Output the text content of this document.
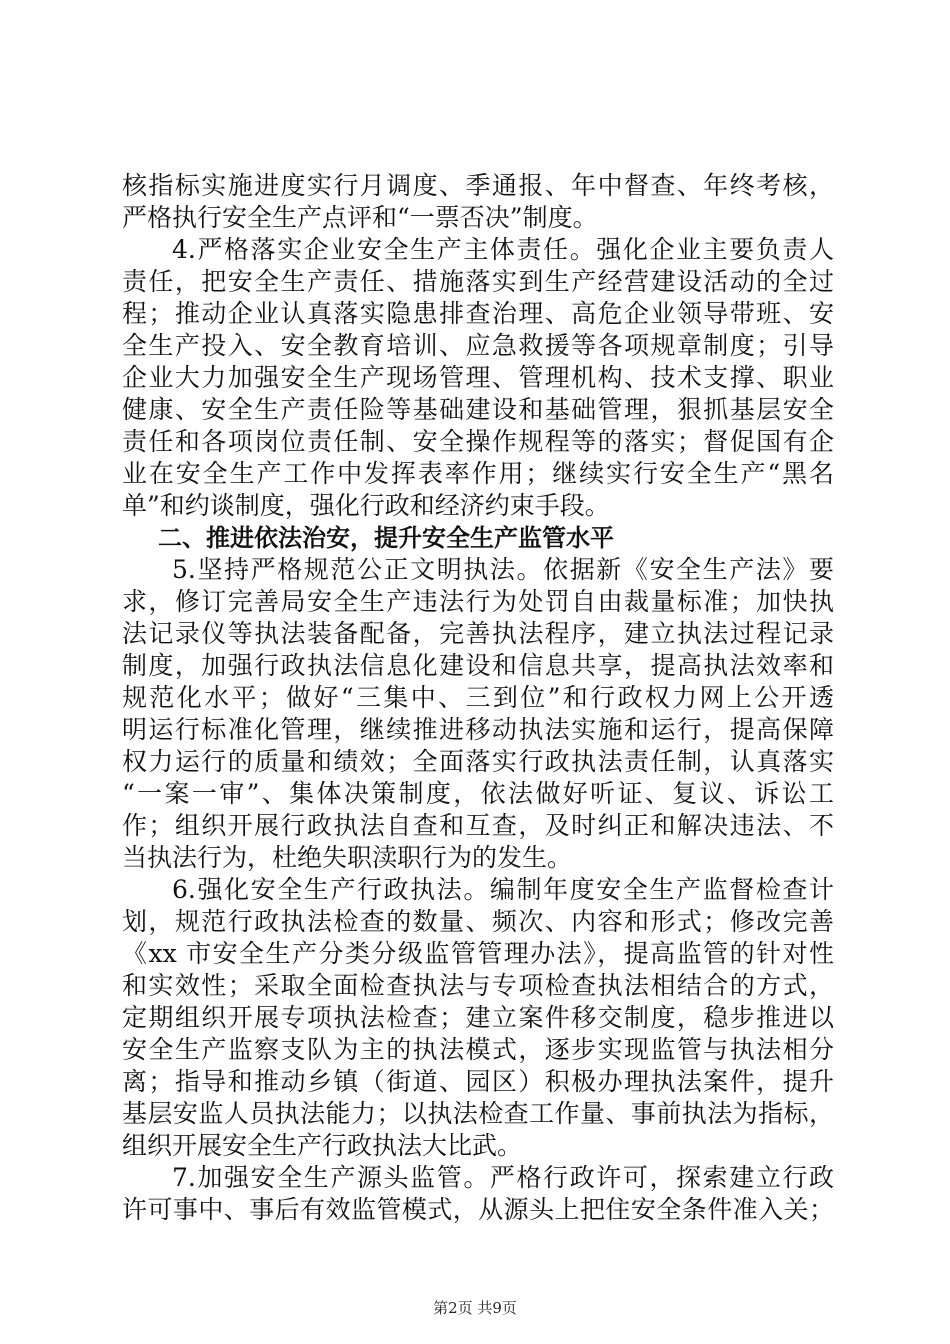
核指标实施进度实行月调度、季通报、年中督查、年终考核，
严格执行安全生产点评和“一票否决”制度。
4.严格落实企业安全生产主体责任。强化企业主要负责人
责任，把安全生产责任、措施落实到生产经营建设活动的全过
程；推动企业认真落实隐患排查治理、高危企业领导带班、安
全生产投入、安全教育培训、应急救援等各项规章制度；引导
企业大力加强安全生产现场管理、管理机构、技术支撑、职业
健康、安全生产责任险等基础建设和基础管理，狠抓基层安全
责任和各项岗位责任制、安全操作规程等的落实；督促国有企
业在安全生产工作中发挥表率作用；继续实行安全生产“黑名
单”和约谈制度，强化行政和经济约束手段。
二、推进依法治安，提升安全生产监管水平
5.坚持严格规范公正文明执法。依据新《安全生产法》要
求，修订完善局安全生产违法行为处罚自由裁量标准；加快执
法记录仪等执法装备配备，完善执法程序，建立执法过程记录
制度，加强行政执法信息化建设和信息共享，提高执法效率和
规范化水平；做好“三集中、三到位”和行政权力网上公开透
明运行标准化管理，继续推进移动执法实施和运行，提高保障
权力运行的质量和绩效；全面落实行政执法责任制，认真落实
“一案一审”、集体决策制度，依法做好听证、复议、诉讼工
作；组织开展行政执法自查和互查，及时纠正和解决违法、不
当执法行为，杜绝失职渎职行为的发生。
6.强化安全生产行政执法。编制年度安全生产监督检查计
划，规范行政执法检查的数量、频次、内容和形式；修改完善
《xx 市安全生产分类分级监管管理办法》，提高监管的针对性
和实效性；采取全面检查执法与专项检查执法相结合的方式，
定期组织开展专项执法检查；建立案件移交制度，稳步推进以
安全生产监察支队为主的执法模式，逐步实现监管与执法相分
离；指导和推动乡镇（街道、园区）积极办理执法案件，提升
基层安监人员执法能力；以执法检查工作量、事前执法为指标，
组织开展安全生产行政执法大比武。
7.加强安全生产源头监管。严格行政许可，探索建立行政
许可事中、事后有效监管模式，从源头上把住安全条件准入关；
第2页 共9页
